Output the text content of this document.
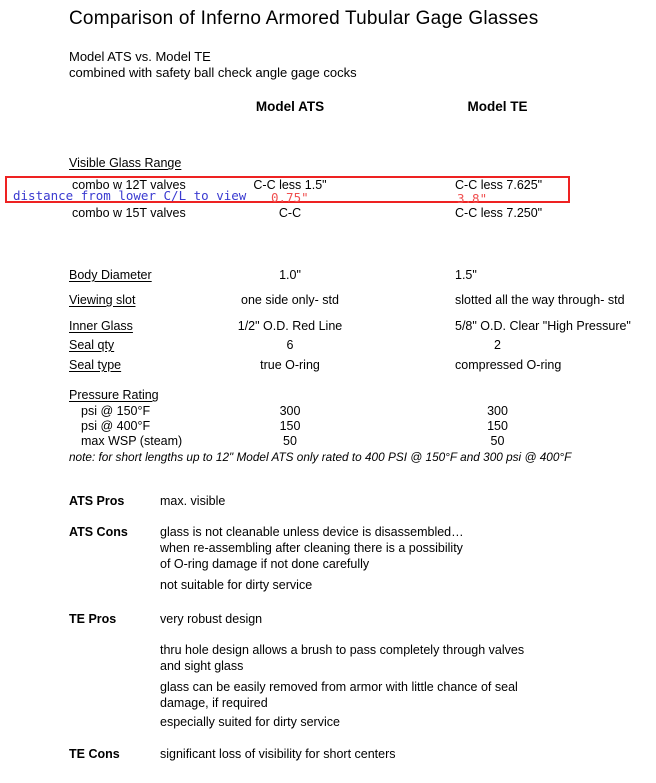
Comparison of Inferno Armored Tubular Gage Glasses
Model ATS vs. Model TE
combined with safety ball check angle gage cocks
Model ATS	Model TE
Visible Glass Range
combo w 12T valves	C-C less 1.5"	C-C less 7.625"
distance from lower C/L to view 0.75"	3.8"
combo w 15T valves	C-C	C-C less 7.250"
Body Diameter	1.0"	1.5"
Viewing slot	one side only- std	slotted all the way through- std
Inner Glass	1/2" O.D. Red Line	5/8" O.D. Clear "High Pressure"
Seal qty	6	2
Seal type	true O-ring	compressed O-ring
Pressure Rating
psi @ 150°F	300	300
psi @ 400°F	150	150
max WSP (steam)	50	50
note: for short lengths up to 12" Model ATS only rated to 400 PSI @ 150°F and 300 psi @ 400°F
ATS Pros	max. visible
ATS Cons	glass is not cleanable unless device is disassembled…
when re-assembling after cleaning there is a possibility
of O-ring damage if not done carefully
not suitable for dirty service
TE Pros	very robust design
thru hole design allows a brush to pass completely through valves
and sight glass
glass can be easily removed from armor with little chance of seal
damage, if required
especially suited for dirty service
TE Cons	significant loss of visibility for short centers
